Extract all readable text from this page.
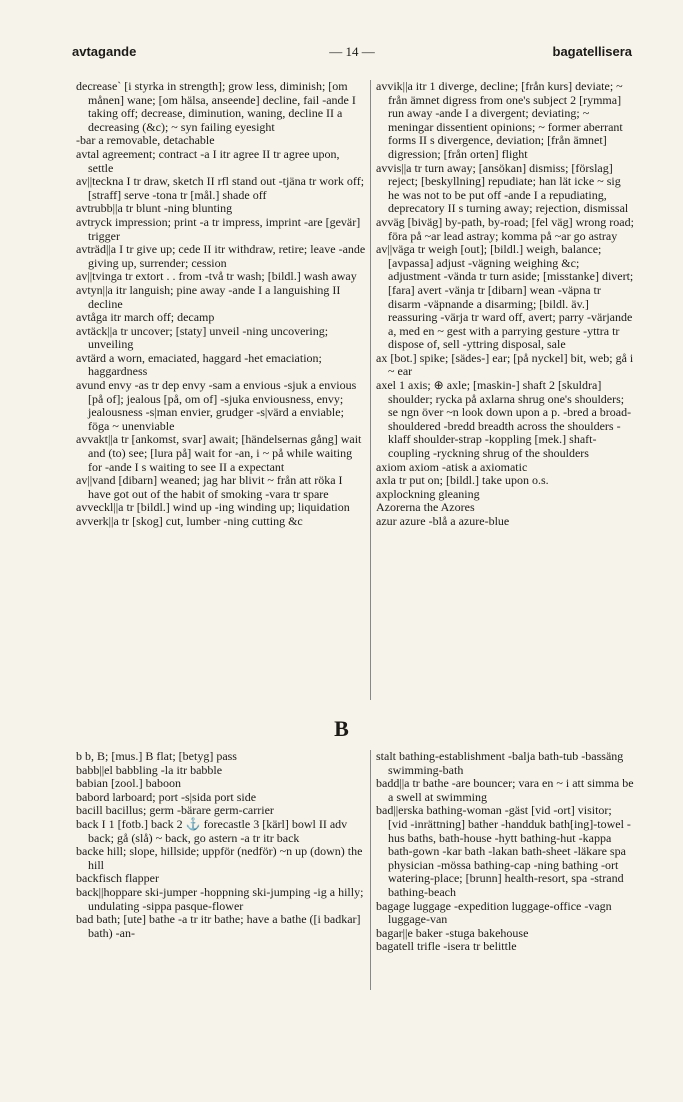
avtagande	— 14 —	bagatellisera

decrease` [i styrka in strength]; grow less, diminish; [om månen] wane; [om hälsa, anseende] decline, fail -ande I taking off; decrease, diminution, waning, decline II a decreasing (&c); ~ syn failing eyesight

-bar a removable, detachable

avtal agreement; contract -a I itr agree II tr agree upon, settle

av||teckna I tr draw, sketch II rfl stand out -tjäna tr work off; [straff] serve -tona tr [mål.] shade off

avtrubb||a tr blunt -ning blunting

avtryck impression; print -a tr impress, imprint -are [gevär] trigger

avträd||a I tr give up; cede II itr withdraw, retire; leave -ande giving up, surrender; cession

av||tvinga tr extort . . from -två tr wash; [bildl.] wash away

avtyn||a itr languish; pine away -ande I a languishing II decline

avtåga itr march off; decamp

avtäck||a tr uncover; [staty] unveil -ning uncovering; unveiling

avtärd a worn, emaciated, haggard -het emaciation; haggardness

avund envy -as tr dep envy -sam a envious -sjuk a envious [på of]; jealous [på, om of] -sjuka enviousness, envy; jealousness -s|man envier, grudger -s|värd a enviable; föga ~ unenviable

avvakt||a tr [ankomst, svar] await; [händelsernas gång] wait and (to) see; [lura på] wait for -an, i ~ på while waiting for -ande I s waiting to see II a expectant

av||vand [dibarn] weaned; jag har blivit ~ från att röka I have got out of the habit of smoking -vara tr spare

avveckl||a tr [bildl.] wind up -ing winding up; liquidation

avverk||a tr [skog] cut, lumber -ning cutting &c

avvik||a itr 1 diverge, decline; [från kurs] deviate; ~ från ämnet digress from one's subject 2 [rymma] run away -ande I a divergent; deviating; ~ meningar dissentient opinions; ~ former aberrant forms II s divergence, deviation; [från ämnet] digression; [från orten] flight

avvis||a tr turn away; [ansökan] dismiss; [förslag] reject; [beskyllning] repudiate; han lät icke ~ sig he was not to be put off -ande I a repudiating, deprecatory II s turning away; rejection, dismissal

avväg [biväg] by-path, by-road; [fel väg] wrong road; föra på ~ar lead astray; komma på ~ar go astray

av||väga tr weigh [out]; [bildl.] weigh, balance; [avpassa] adjust -vägning weighing &c; adjustment -vända tr turn aside; [misstanke] divert; [fara] avert -vänja tr [dibarn] wean -väpna tr disarm -väpnande a disarming; [bildl. äv.] reassuring -värja tr ward off, avert; parry -värjande a, med en ~ gest with a parrying gesture -yttra tr dispose of, sell -yttring disposal, sale

ax [bot.] spike; [sädes-] ear; [på nyckel] bit, web; gå i ~ ear

axel 1 axis; ⊕ axle; [maskin-] shaft 2 [skuldra] shoulder; rycka på axlarna shrug one's shoulders; se ngn över ~n look down upon a p. -bred a broad-shouldered -bredd breadth across the shoulders -klaff shoulder-strap -koppling [mek.] shaft-coupling -ryckning shrug of the shoulders

axiom axiom -atisk a axiomatic

axla tr put on; [bildl.] take upon o.s.

axplockning gleaning

Azorerna the Azores

azur azure -blå a azure-blue

B

b b, B; [mus.] B flat; [betyg] pass

babb||el babbling -la itr babble

babian [zool.] baboon

babord larboard; port -s|sida port side

bacill bacillus; germ -bärare germ-carrier

back I 1 [fotb.] back 2 ⚓ forecastle 3 [kärl] bowl II adv back; gå (slå) ~ back, go astern -a tr itr back

backe hill; slope, hillside; uppför (nedför) ~n up (down) the hill

backfisch flapper

back||hoppare ski-jumper -hoppning ski-jumping -ig a hilly; undulating -sippa pasque-flower

bad bath; [ute] bathe -a tr itr bathe; have a bathe ([i badkar] bath) -an-

stalt bathing-establishment -balja bath-tub -bassäng swimming-bath

badd||a tr bathe -are bouncer; vara en ~ i att simma be a swell at swimming

bad||erska bathing-woman -gäst [vid -ort] visitor; [vid -inrättning] bather -handduk bath[ing]-towel -hus baths, bath-house -hytt bathing-hut -kappa bath-gown -kar bath -lakan bath-sheet -läkare spa physician -mössa bathing-cap -ning bathing -ort watering-place; [brunn] health-resort, spa -strand bathing-beach

bagage luggage -expedition luggage-office -vagn luggage-van

bagar||e baker -stuga bakehouse

bagatell trifle -isera tr belittle
